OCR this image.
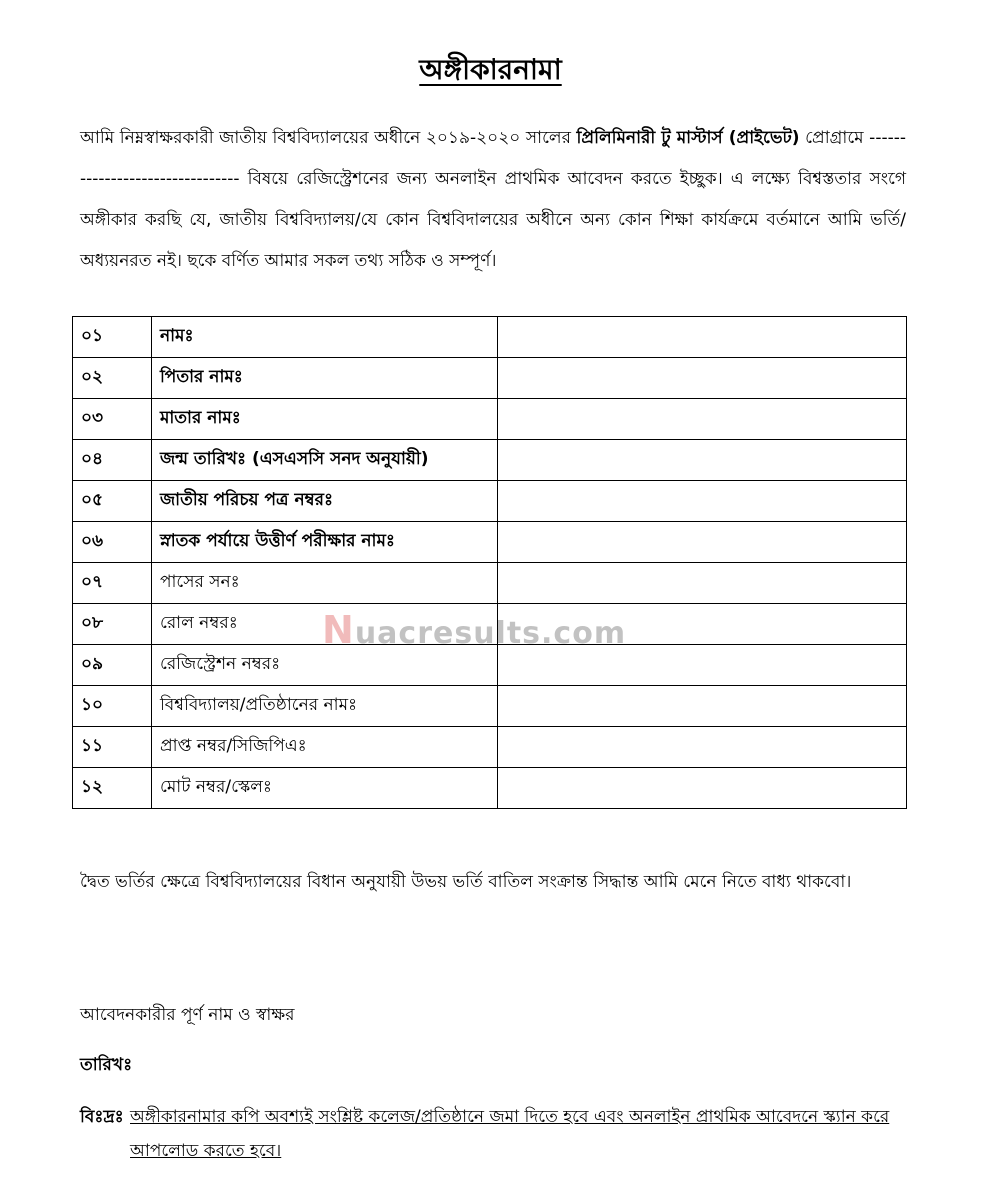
অঙ্গীকারনামা

আমি নিম্নস্বাক্ষরকারী জাতীয় বিশ্ববিদ্যালয়ের অধীনে ২০১৯-২০২০ সালের প্রিলিমিনারী টু মাস্টার্স (প্রাইভেট) প্রোগ্রামে -------------------------------- বিষয়ে রেজিস্ট্রেশনের জন্য অনলাইন প্রাথমিক আবেদন করতে ইচ্ছুক। এ লক্ষ্যে বিশ্বস্ততার সংগে অঙ্গীকার করছি যে, জাতীয় বিশ্ববিদ্যালয়/যে কোন বিশ্ববিদালয়ের অধীনে অন্য কোন শিক্ষা কার্যক্রমে বর্তমানে আমি ভর্তি/অধ্যয়নরত নই। ছকে বর্ণিত আমার সকল তথ্য সঠিক ও সম্পূর্ণ।

০১	নামঃ	
০২	পিতার নামঃ	
০৩	মাতার নামঃ	
০৪	জন্ম তারিখঃ (এসএসসি সনদ অনুযায়ী)	
০৫	জাতীয় পরিচয় পত্র নম্বরঃ	
০৬	স্নাতক পর্যায়ে উত্তীর্ণ পরীক্ষার নামঃ	
০৭	পাসের সনঃ	
০৮	রোল নম্বরঃ	
০৯	রেজিস্ট্রেশন নম্বরঃ	
১০	বিশ্ববিদ্যালয়/প্রতিষ্ঠানের নামঃ	
১১	প্রাপ্ত নম্বর/সিজিপিএঃ	
১২	মোট নম্বর/স্কেলঃ	
Nuacresults.com

দ্বৈত ভর্তির ক্ষেত্রে বিশ্ববিদ্যালয়ের বিধান অনুযায়ী উভয় ভর্তি বাতিল সংক্রান্ত সিদ্ধান্ত আমি মেনে নিতে বাধ্য থাকবো।

আবেদনকারীর পূর্ণ নাম ও স্বাক্ষর

তারিখঃ

বিঃদ্রঃ অঙ্গীকারনামার কপি অবশ্যই সংশ্লিষ্ট কলেজ/প্রতিষ্ঠানে জমা দিতে হবে এবং অনলাইন প্রাথমিক আবেদনে স্ক্যান করে আপলোড করতে হবে।
